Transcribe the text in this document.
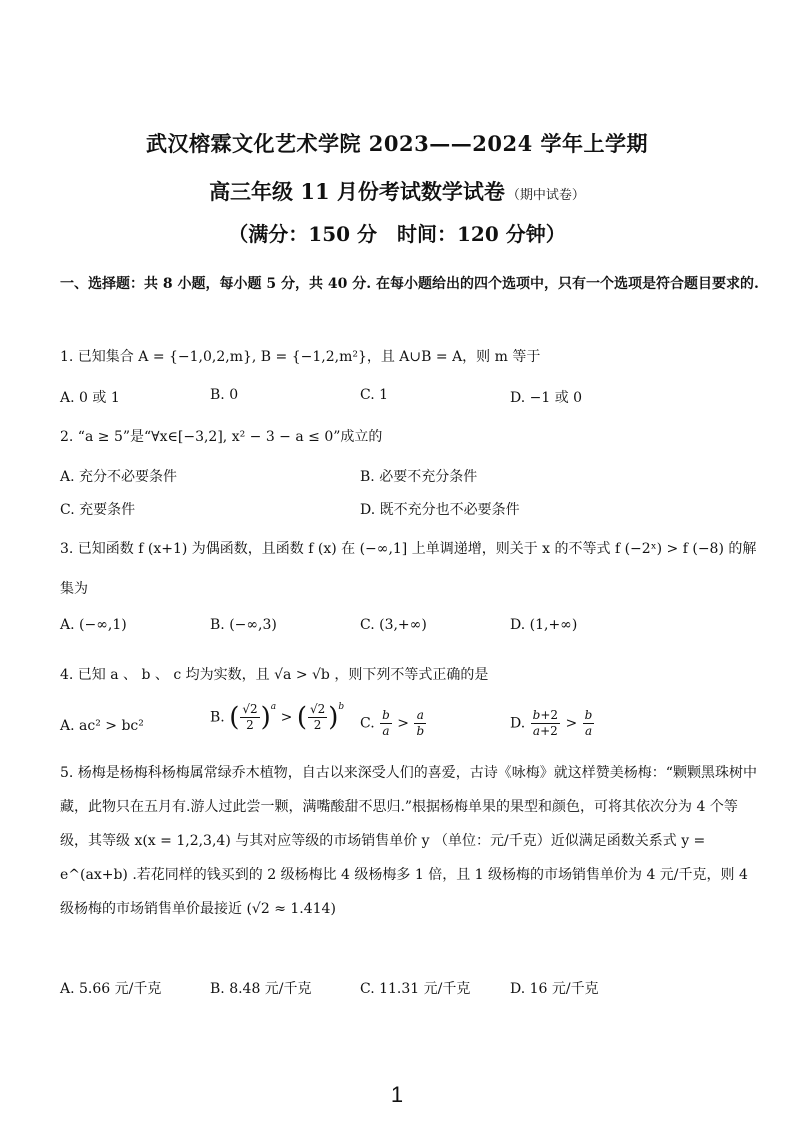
武汉榕霖文化艺术学院 2023——2024 学年上学期
高三年级 11 月份考试数学试卷 （期中试卷）
（满分：150 分　时间：120 分钟）
一、选择题：共 8 小题，每小题 5 分，共 40 分. 在每小题给出的四个选项中，只有一个选项是符合题目要求的.
1. 已知集合 A = {−1,0,2,m}, B = {−1,2,m²}，且 A∪B = A，则 m 等于
A. 0 或 1	B. 0	C. 1	D. −1 或 0
2. “a ≥ 5”是“∀x∈[−3,2], x² − 3 − a ≤ 0”成立的
A. 充分不必要条件	B. 必要不充分条件
C. 充要条件	D. 既不充分也不必要条件
3. 已知函数 f (x+1) 为偶函数，且函数 f (x) 在 (−∞,1] 上单调递增，则关于 x 的不等式 f (−2ˣ) > f (−8) 的解
集为
A. (−∞,1)	B. (−∞,3)	C. (3,+∞)	D. (1,+∞)
4. 已知 a 、 b 、 c 均为实数，且 √a > √b ，则下列不等式正确的是
A. ac² > bc²
B. ( $\frac{√2}{2} )^a$ > ( $\frac{√2}{2} )^b$
C. $\frac{b}{a} > \frac{a}{b}$	D. $\frac{b+2}{a+2} > \frac{b}{a}$
5. 杨梅是杨梅科杨梅属常绿乔木植物，自古以来深受人们的喜爱，古诗《咏梅》就这样赞美杨梅：“颗颗黑珠树中藏，此物只在五月有.游人过此尝一颗，满嘴酸甜不思归.”根据杨梅单果的果型和颜色，可将其依次分为 4 个等级，其等级 x(x = 1,2,3,4) 与其对应等级的市场销售单价 y （单位：元/千克）近似满足函数关系式 y = e^(ax+b) .若花同样的钱买到的 2 级杨梅比 4 级杨梅多 1 倍，且 1 级杨梅的市场销售单价为 4 元/千克，则 4 级杨梅的市场销售单价最接近 (√2 ≈ 1.414)
A. 5.66 元/千克	B. 8.48 元/千克	C. 11.31 元/千克	D. 16 元/千克
1
